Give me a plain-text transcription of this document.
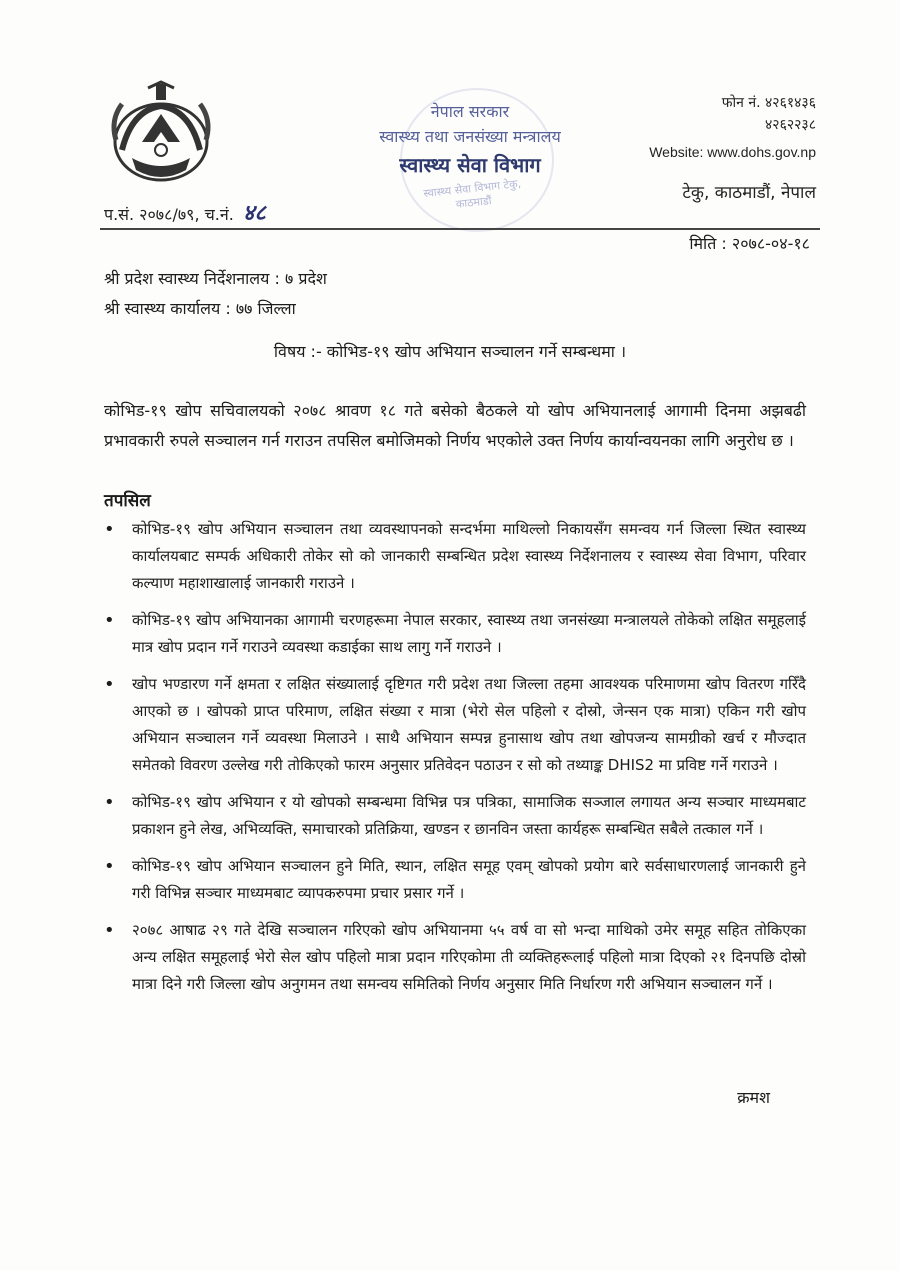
स्वास्थ्य सेवा विभाग टेकु, काठमाडौं
नेपाल सरकार
स्वास्थ्य तथा जनसंख्या मन्त्रालय
स्वास्थ्य सेवा विभाग
फोन नं. ४२६१४३६
४२६२२३८
Website: www.dohs.gov.np
टेकु, काठमाडौं, नेपाल
प.सं. २०७८/७९, च.नं. ४८
मिति : २०७८-०४-१८
श्री प्रदेश स्वास्थ्य निर्देशनालय : ७ प्रदेश
श्री स्वास्थ्य कार्यालय : ७७ जिल्ला
विषय :- कोभिड-१९ खोप अभियान सञ्चालन गर्ने सम्बन्धमा ।
कोभिड-१९ खोप सचिवालयको २०७८ श्रावण १८ गते बसेको बैठकले यो खोप अभियानलाई आगामी दिनमा अझबढी प्रभावकारी रुपले सञ्चालन गर्न गराउन तपसिल बमोजिमको निर्णय भएकोले उक्त निर्णय कार्यान्वयनका लागि अनुरोध छ ।
तपसिल
• कोभिड-१९ खोप अभियान सञ्चालन तथा व्यवस्थापनको सन्दर्भमा माथिल्लो निकायसँग समन्वय गर्न जिल्ला स्थित स्वास्थ्य कार्यालयबाट सम्पर्क अधिकारी तोकेर सो को जानकारी सम्बन्धित प्रदेश स्वास्थ्य निर्देशनालय र स्वास्थ्य सेवा विभाग, परिवार कल्याण महाशाखालाई जानकारी गराउने ।
• कोभिड-१९ खोप अभियानका आगामी चरणहरूमा नेपाल सरकार, स्वास्थ्य तथा जनसंख्या मन्त्रालयले तोकेको लक्षित समूहलाई मात्र खोप प्रदान गर्ने गराउने व्यवस्था कडाईका साथ लागु गर्ने गराउने ।
• खोप भण्डारण गर्ने क्षमता र लक्षित संख्यालाई दृष्टिगत गरी प्रदेश तथा जिल्ला तहमा आवश्यक परिमाणमा खोप वितरण गरिँदै आएको छ । खोपको प्राप्त परिमाण, लक्षित संख्या र मात्रा (भेरो सेल पहिलो र दोस्रो, जेन्सन एक मात्रा) एकिन गरी खोप अभियान सञ्चालन गर्ने व्यवस्था मिलाउने । साथै अभियान सम्पन्न हुनासाथ खोप तथा खोपजन्य सामग्रीको खर्च र मौज्दात समेतको विवरण उल्लेख गरी तोकिएको फारम अनुसार प्रतिवेदन पठाउन र सो को तथ्याङ्क DHIS2 मा प्रविष्ट गर्ने गराउने ।
• कोभिड-१९ खोप अभियान र यो खोपको सम्बन्धमा विभिन्न पत्र पत्रिका, सामाजिक सञ्जाल लगायत अन्य सञ्चार माध्यमबाट प्रकाशन हुने लेख, अभिव्यक्ति, समाचारको प्रतिक्रिया, खण्डन र छानविन जस्ता कार्यहरू सम्बन्धित सबैले तत्काल गर्ने ।
• कोभिड-१९ खोप अभियान सञ्चालन हुने मिति, स्थान, लक्षित समूह एवम् खोपको प्रयोग बारे सर्वसाधारणलाई जानकारी हुने गरी विभिन्न सञ्चार माध्यमबाट व्यापकरुपमा प्रचार प्रसार गर्ने ।
• २०७८ आषाढ २९ गते देखि सञ्चालन गरिएको खोप अभियानमा ५५ वर्ष वा सो भन्दा माथिको उमेर समूह सहित तोकिएका अन्य लक्षित समूहलाई भेरो सेल खोप पहिलो मात्रा प्रदान गरिएकोमा ती व्यक्तिहरूलाई पहिलो मात्रा दिएको २१ दिनपछि दोस्रो मात्रा दिने गरी जिल्ला खोप अनुगमन तथा समन्वय समितिको निर्णय अनुसार मिति निर्धारण गरी अभियान सञ्चालन गर्ने ।
क्रमश
